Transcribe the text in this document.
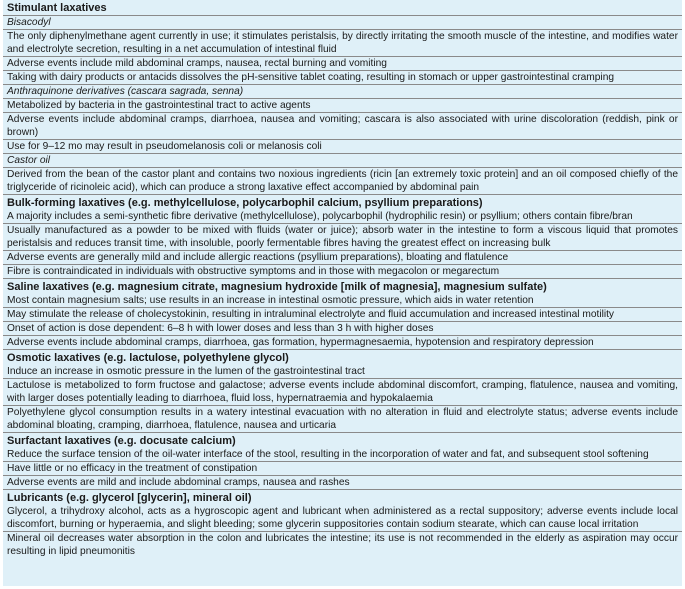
Stimulant laxatives
Bisacodyl
The only diphenylmethane agent currently in use; it stimulates peristalsis, by directly irritating the smooth muscle of the intestine, and modifies water and electrolyte secretion, resulting in a net accumulation of intestinal fluid
Adverse events include mild abdominal cramps, nausea, rectal burning and vomiting
Taking with dairy products or antacids dissolves the pH-sensitive tablet coating, resulting in stomach or upper gastrointestinal cramping
Anthraquinone derivatives (cascara sagrada, senna)
Metabolized by bacteria in the gastrointestinal tract to active agents
Adverse events include abdominal cramps, diarrhoea, nausea and vomiting; cascara is also associated with urine discoloration (reddish, pink or brown)
Use for 9–12 mo may result in pseudomelanosis coli or melanosis coli
Castor oil
Derived from the bean of the castor plant and contains two noxious ingredients (ricin [an extremely toxic protein] and an oil composed chiefly of the triglyceride of ricinoleic acid), which can produce a strong laxative effect accompanied by abdominal pain
Bulk-forming laxatives (e.g. methylcellulose, polycarbophil calcium, psyllium preparations)
A majority includes a semi-synthetic fibre derivative (methylcellulose), polycarbophil (hydrophilic resin) or psyllium; others contain fibre/bran
Usually manufactured as a powder to be mixed with fluids (water or juice); absorb water in the intestine to form a viscous liquid that promotes peristalsis and reduces transit time, with insoluble, poorly fermentable fibres having the greatest effect on increasing bulk
Adverse events are generally mild and include allergic reactions (psyllium preparations), bloating and flatulence
Fibre is contraindicated in individuals with obstructive symptoms and in those with megacolon or megarectum
Saline laxatives (e.g. magnesium citrate, magnesium hydroxide [milk of magnesia], magnesium sulfate)
Most contain magnesium salts; use results in an increase in intestinal osmotic pressure, which aids in water retention
May stimulate the release of cholecystokinin, resulting in intraluminal electrolyte and fluid accumulation and increased intestinal motility
Onset of action is dose dependent: 6–8 h with lower doses and less than 3 h with higher doses
Adverse events include abdominal cramps, diarrhoea, gas formation, hypermagnesaemia, hypotension and respiratory depression
Osmotic laxatives (e.g. lactulose, polyethylene glycol)
Induce an increase in osmotic pressure in the lumen of the gastrointestinal tract
Lactulose is metabolized to form fructose and galactose; adverse events include abdominal discomfort, cramping, flatulence, nausea and vomiting, with larger doses potentially leading to diarrhoea, fluid loss, hypernatraemia and hypokalaemia
Polyethylene glycol consumption results in a watery intestinal evacuation with no alteration in fluid and electrolyte status; adverse events include abdominal bloating, cramping, diarrhoea, flatulence, nausea and urticaria
Surfactant laxatives (e.g. docusate calcium)
Reduce the surface tension of the oil-water interface of the stool, resulting in the incorporation of water and fat, and subsequent stool softening
Have little or no efficacy in the treatment of constipation
Adverse events are mild and include abdominal cramps, nausea and rashes
Lubricants (e.g. glycerol [glycerin], mineral oil)
Glycerol, a trihydroxy alcohol, acts as a hygroscopic agent and lubricant when administered as a rectal suppository; adverse events include local discomfort, burning or hyperaemia, and slight bleeding; some glycerin suppositories contain sodium stearate, which can cause local irritation
Mineral oil decreases water absorption in the colon and lubricates the intestine; its use is not recommended in the elderly as aspiration may occur resulting in lipid pneumonitis
